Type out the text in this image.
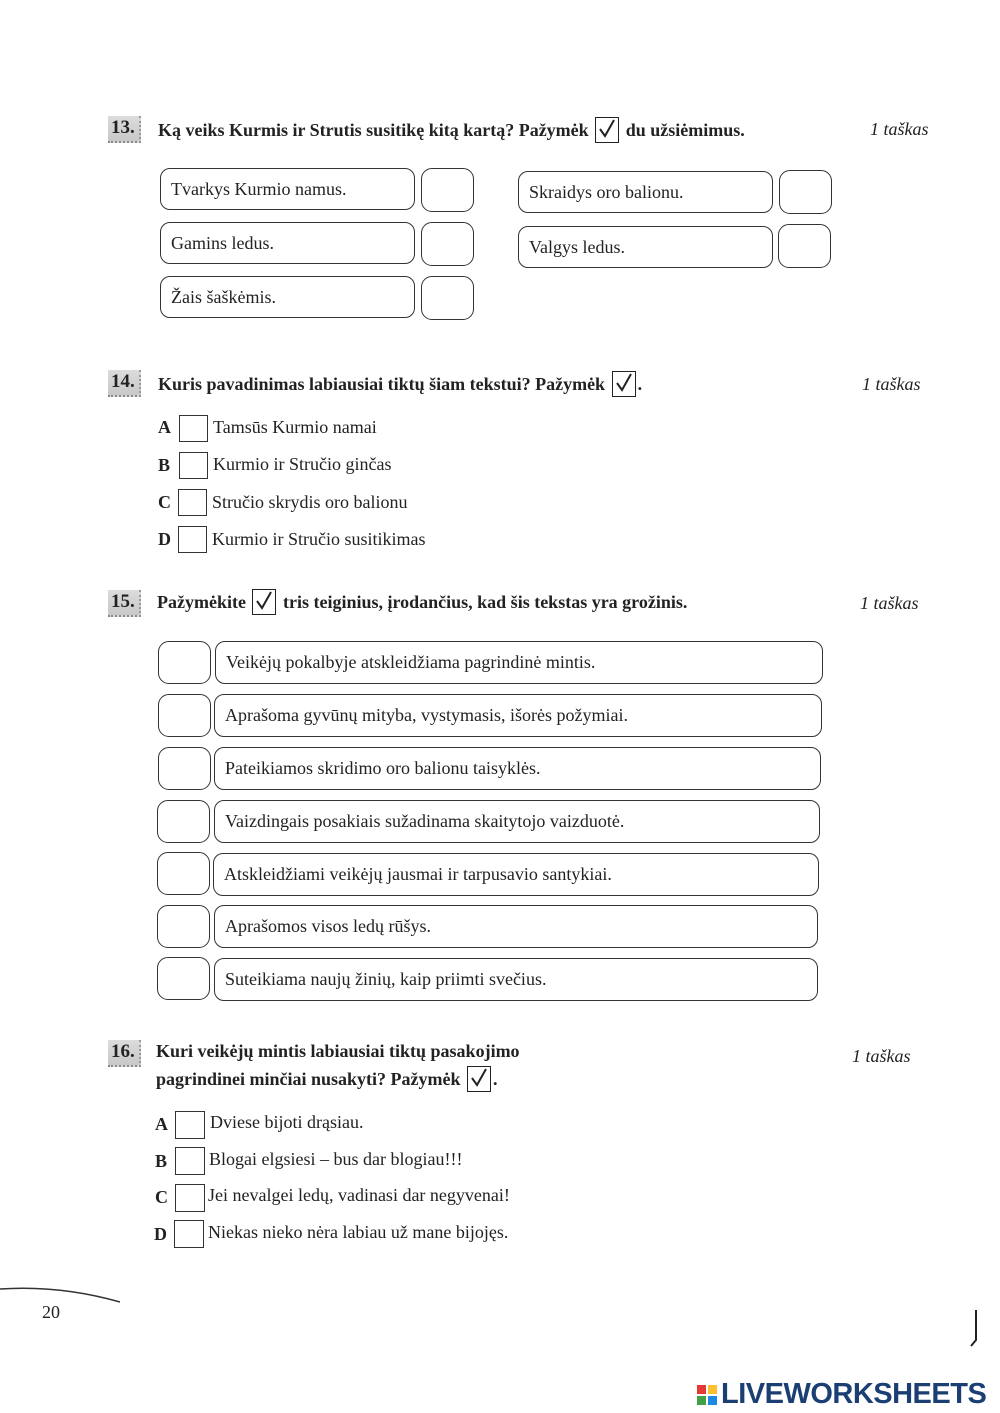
13.	Ką veiks Kurmis ir Strutis susitikę kitą kartą? Pažymėk du užsiėmimus.	1 taškas
Tvarkys Kurmio namus.	Skraidys oro balionu.
Gamins ledus.	Valgys ledus.
Žais šaškėmis.
14.	Kuris pavadinimas labiausiai tiktų šiam tekstui? Pažymėk .	1 taškas
A Tamsūs Kurmio namai
B Kurmio ir Stručio ginčas
C Stručio skrydis oro balionu
D Kurmio ir Stručio susitikimas
15.	Pažymėkite tris teiginius, įrodančius, kad šis tekstas yra grožinis.	1 taškas
Veikėjų pokalbyje atskleidžiama pagrindinė mintis.
Aprašoma gyvūnų mityba, vystymasis, išorės požymiai.
Pateikiamos skridimo oro balionu taisyklės.
Vaizdingais posakiais sužadinama skaitytojo vaizduotė.
Atskleidžiami veikėjų jausmai ir tarpusavio santykiai.
Aprašomos visos ledų rūšys.
Suteikiama naujų žinių, kaip priimti svečius.
16.	Kuri veikėjų mintis labiausiai tiktų pasakojimo
pagrindinei minčiai nusakyti? Pažymėk .
1 taškas
A Dviese bijoti drąsiau.
B Blogai elgsiesi – bus dar blogiau!!!
C Jei nevalgei ledų, vadinasi dar negyvenai!
D Niekas nieko nėra labiau už mane bijojęs.
20
LIVEWORKSHEETS
